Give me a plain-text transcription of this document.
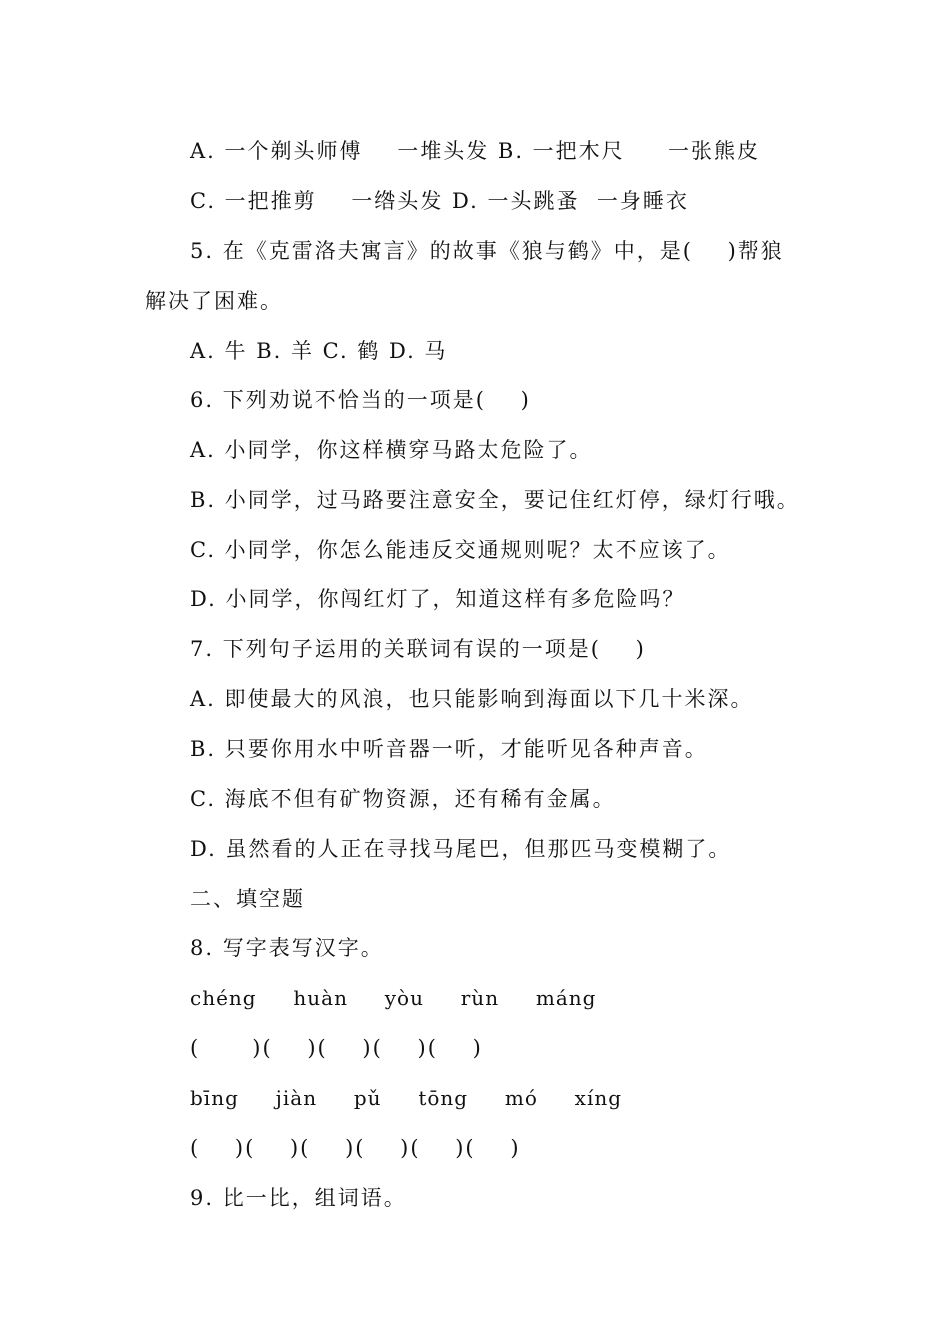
A. 一个剃头师傅    一堆头发 B. 一把木尺     一张熊皮
C. 一把推剪    一绺头发 D. 一头跳蚤  一身睡衣
5. 在《克雷洛夫寓言》的故事《狼与鹤》中，是(    )帮狼
解决了困难。
A. 牛 B. 羊 C. 鹤 D. 马
6. 下列劝说不恰当的一项是(    )
A. 小同学，你这样横穿马路太危险了。
B. 小同学，过马路要注意安全，要记住红灯停，绿灯行哦。
C. 小同学，你怎么能违反交通规则呢？太不应该了。
D. 小同学，你闯红灯了，知道这样有多危险吗？
7. 下列句子运用的关联词有误的一项是(    )
A. 即使最大的风浪，也只能影响到海面以下几十米深。
B. 只要你用水中听音器一听，才能听见各种声音。
C. 海底不但有矿物资源，还有稀有金属。
D. 虽然看的人正在寻找马尾巴，但那匹马变模糊了。
二、填空题
8. 写字表写汉字。
chéng     huàn     yòu     rùn     máng
(      )(    )(    )(    )(    )
bīng     jiàn     pǔ     tōng     mó     xíng
(    )(    )(    )(    )(    )(    )
9. 比一比，组词语。
